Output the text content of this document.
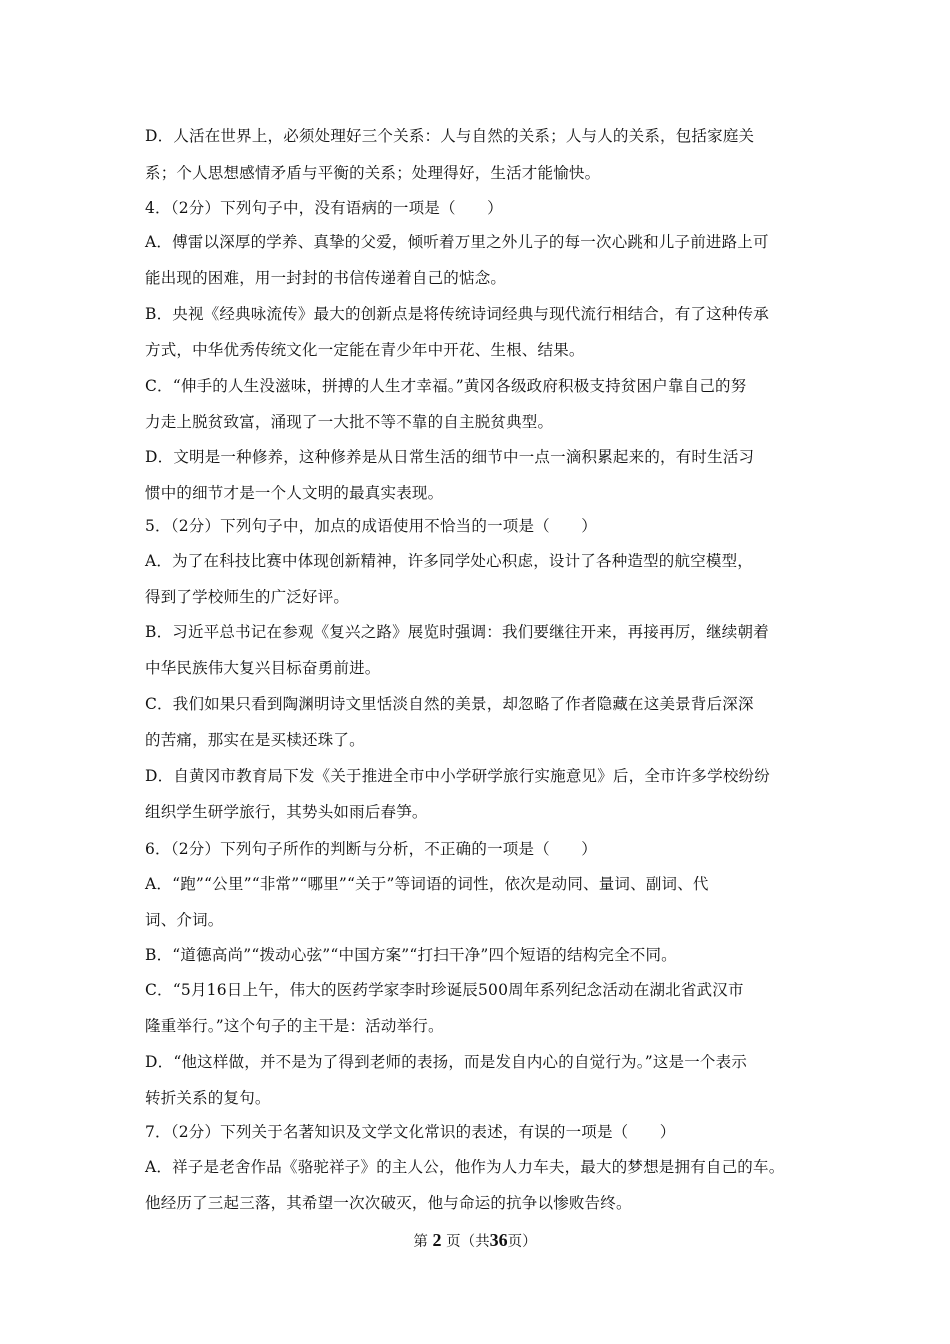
D．人活在世界上，必须处理好三个关系：人与自然的关系；人与人的关系，包括家庭关
系；个人思想感情矛盾与平衡的关系；处理得好，生活才能愉快。
4．（2分）下列句子中，没有语病的一项是（　　）
A．傅雷以深厚的学养、真挚的父爱，倾听着万里之外儿子的每一次心跳和儿子前进路上可
能出现的困难，用一封封的书信传递着自己的惦念。
B．央视《经典咏流传》最大的创新点是将传统诗词经典与现代流行相结合，有了这种传承
方式，中华优秀传统文化一定能在青少年中开花、生根、结果。
C．“伸手的人生没滋味，拼搏的人生才幸福。”黄冈各级政府积极支持贫困户靠自己的努
力走上脱贫致富，涌现了一大批不等不靠的自主脱贫典型。
D．文明是一种修养，这种修养是从日常生活的细节中一点一滴积累起来的，有时生活习
惯中的细节才是一个人文明的最真实表现。
5．（2分）下列句子中，加点的成语使用不恰当的一项是（　　）
A．为了在科技比赛中体现创新精神，许多同学处心积虑，设计了各种造型的航空模型，
得到了学校师生的广泛好评。
B．习近平总书记在参观《复兴之路》展览时强调：我们要继往开来，再接再厉，继续朝着
中华民族伟大复兴目标奋勇前进。
C．我们如果只看到陶渊明诗文里恬淡自然的美景，却忽略了作者隐藏在这美景背后深深
的苦痛，那实在是买椟还珠了。
D．自黄冈市教育局下发《关于推进全市中小学研学旅行实施意见》后，全市许多学校纷纷
组织学生研学旅行，其势头如雨后春笋。
6．（2分）下列句子所作的判断与分析，不正确的一项是（　　）
A．“跑”“公里”“非常”“哪里”“关于”等词语的词性，依次是动同、量词、副词、代
词、介词。
B．“道德高尚”“拨动心弦”“中国方案”“打扫干净”四个短语的结构完全不同。
C．“5月16日上午，伟大的医药学家李时珍诞辰500周年系列纪念活动在湖北省武汉市
隆重举行。”这个句子的主干是：活动举行。
D．“他这样做，并不是为了得到老师的表扬，而是发自内心的自觉行为。”这是一个表示
转折关系的复句。
7．（2分）下列关于名著知识及文学文化常识的表述，有误的一项是（　　）
A．祥子是老舍作品《骆驼祥子》的主人公，他作为人力车夫，最大的梦想是拥有自己的车。
他经历了三起三落，其希望一次次破灭，他与命运的抗争以惨败告终。
第 2 页（共36页）
